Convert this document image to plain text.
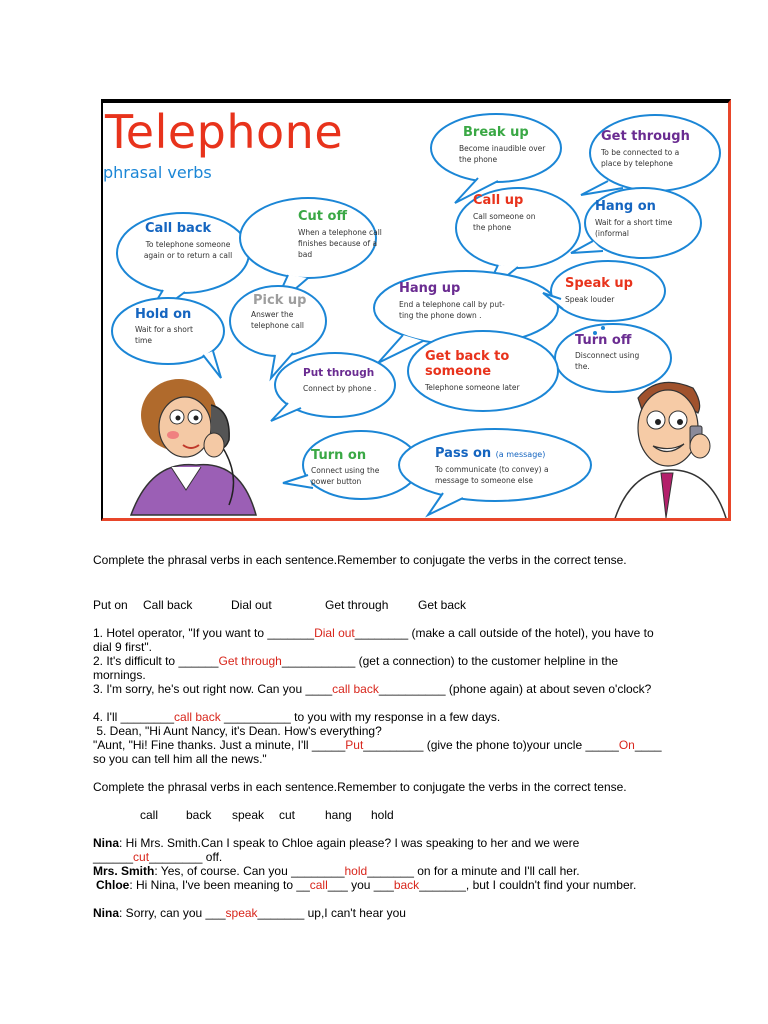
Telephone
phrasal verbs
Call back
To telephone someone again or to return a call
Cut off
When a telephone call finishes because of a bad
Break up
Become inaudible over the phone
Get through
To be connected to a place by telephone
Call up
Call someone on the phone
Hang on
Wait for a short time (informal
Hold on
Wait for a short time
Pick up
Answer the telephone call
Hang up
End a telephone call by put- ting the phone down .
Speak up
Speak louder
Turn off
Disconnect using the.
Put through
Connect by phone .
Get back to someone
Telephone someone later
Turn on
Connect using the power button
Pass on (a message)
To communicate (to convey) a message to someone else
Complete the phrasal verbs in each sentence.Remember to conjugate the verbs in the correct tense.
Put on Call back	Dial out	Get through Get back
1. Hotel operator, "If you want to _______Dial out________ (make a call outside of the hotel), you have to dial 9 first".
2. It's difficult to ______Get through___________ (get a connection) to the customer helpline in the mornings.
3. I'm sorry, he's out right now. Can you ____call back__________ (phone again) at about seven o'clock?
4. I'll ________call back __________ to you with my response in a few days.
5. Dean, "Hi Aunt Nancy, it's Dean. How's everything?
"Aunt, "Hi! Fine thanks. Just a minute, I'll _____Put_________ (give the phone to)your uncle _____On____ so you can tell him all the news."
Complete the phrasal verbs in each sentence.Remember to conjugate the verbs in the correct tense.
call back speak cut hang hold
Nina: Hi Mrs. Smith.Can I speak to Chloe again please? I was speaking to her and we were ______cut________ off.
Mrs. Smith: Yes, of course. Can you ________hold_______ on for a minute and I'll call her.
Chloe: Hi Nina, I've been meaning to __call___ you ___back_______, but I couldn't find your number.
Nina: Sorry, can you ___speak_______ up,I can't hear you
